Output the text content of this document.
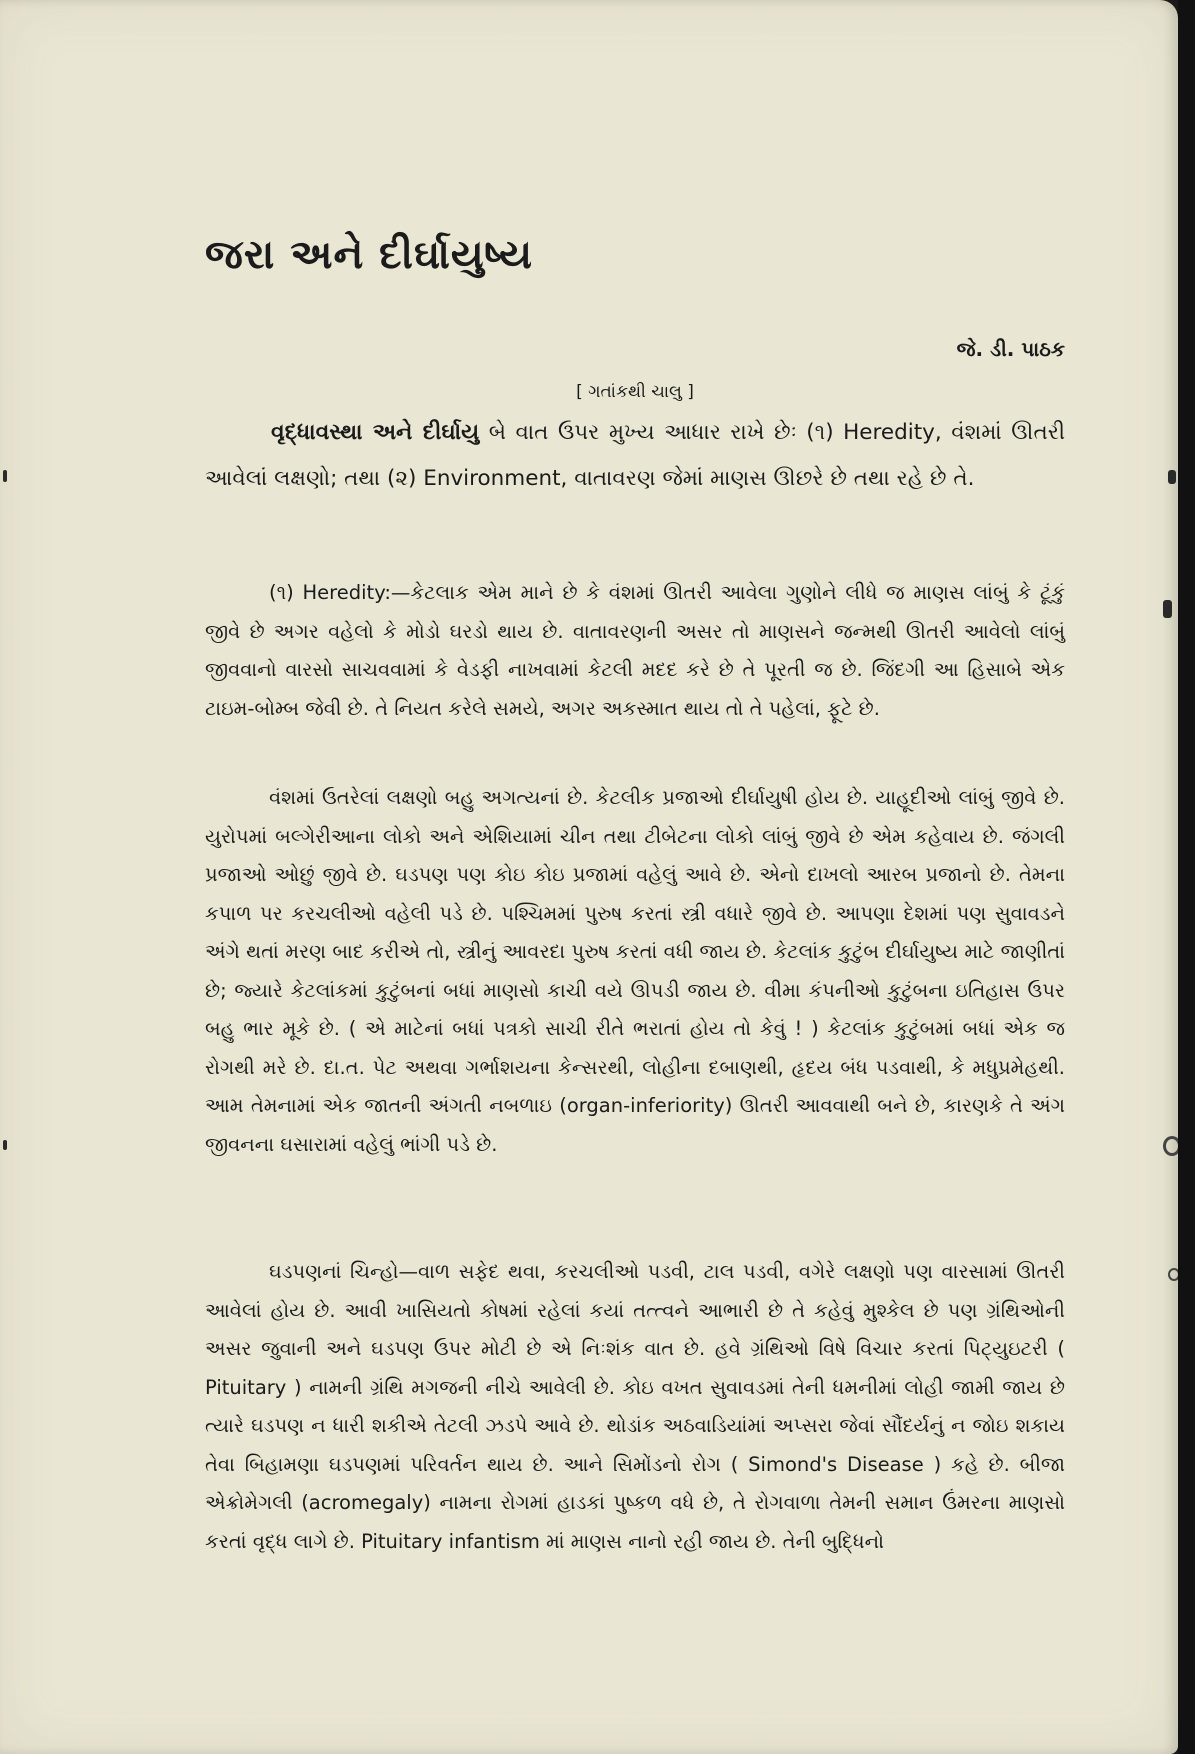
જરા અને દીર્ઘાયુષ્ય
જે. ડી. પાઠક
[ ગતાંકથી ચાલુ ]

વૃદ્ધાવસ્થા અને દીર્ઘાયુ બે વાત ઉપર મુખ્ય આધાર રાખે છેઃ (૧) Heredity, વંશમાં ઊતરી આવેલાં લક્ષણો; તથા (૨) Environment, વાતાવરણ જેમાં માણસ ઊછરે છે તથા રહે છે તે.

(૧) Heredity:—કેટલાક એમ માને છે કે વંશમાં ઊતરી આવેલા ગુણોને લીધે જ માણસ લાંબું કે ટૂંકું જીવે છે અગર વહેલો કે મોડો ઘરડો થાય છે. વાતાવરણની અસર તો માણસને જન્મથી ઊતરી આવેલો લાંબું જીવવાનો વારસો સાચવવામાં કે વેડફી નાખવામાં કેટલી મદદ કરે છે તે પૂરતી જ છે. જિંદગી આ હિસાબે એક ટાઇમ-બોમ્બ જેવી છે. તે નિયત કરેલે સમયે, અગર અકસ્માત થાય તો તે પહેલાં, ફૂટે છે.

વંશમાં ઉતરેલાં લક્ષણો બહુ અગત્યનાં છે. કેટલીક પ્રજાઓ દીર્ઘાયુષી હોય છે. યાહૂદીઓ લાંબું જીવે છે. યુરોપમાં બલ્ગેરીઆના લોકો અને એશિયામાં ચીન તથા ટીબેટના લોકો લાંબું જીવે છે એમ કહેવાય છે. જંગલી પ્રજાઓ ઓછું જીવે છે. ઘડપણ પણ કોઇ કોઇ પ્રજામાં વહેલું આવે છે. એનો દાખલો આરબ પ્રજાનો છે. તેમના કપાળ પર કરચલીઓ વહેલી પડે છે. પશ્ચિમમાં પુરુષ કરતાં સ્ત્રી વધારે જીવે છે. આપણા દેશમાં પણ સુવાવડને અંગે થતાં મરણ બાદ કરીએ તો, સ્ત્રીનું આવરદા પુરુષ કરતાં વધી જાય છે. કેટલાંક કુટુંબ દીર્ઘાયુષ્ય માટે જાણીતાં છે; જ્યારે કેટલાંકમાં કુટુંબનાં બધાં માણસો કાચી વયે ઊપડી જાય છે. વીમા કંપનીઓ કુટુંબના ઇતિહાસ ઉપર બહુ ભાર મૂકે છે. ( એ માટેનાં બધાં પત્રકો સાચી રીતે ભરાતાં હોય તો કેવું ! ) કેટલાંક કુટુંબમાં બધાં એક જ રોગથી મરે છે. દા.ત. પેટ અથવા ગર્ભાશયના કેન્સરથી, લોહીના દબાણથી, હૃદય બંધ પડવાથી, કે મધુપ્રમેહથી. આમ તેમનામાં એક જાતની અંગતી નબળાઇ (organ-inferiority) ઊતરી આવવાથી બને છે, કારણકે તે અંગ જીવનના ઘસારામાં વહેલું ભાંગી પડે છે.

ઘડપણનાં ચિન્હો—વાળ સફેદ થવા, કરચલીઓ પડવી, ટાલ પડવી, વગેરે લક્ષણો પણ વારસામાં ઊતરી આવેલાં હોય છે. આવી ખાસિયતો કોષમાં રહેલાં કયાં તત્ત્વને આભારી છે તે કહેવું મુશ્કેલ છે પણ ગ્રંથિઓની અસર જુવાની અને ઘડપણ ઉપર મોટી છે એ નિઃશંક વાત છે. હવે ગ્રંથિઓ વિષે વિચાર કરતાં પિટ્યુઇટરી ( Pituitary ) નામની ગ્રંથિ મગજની નીચે આવેલી છે. કોઇ વખત સુવાવડમાં તેની ધમનીમાં લોહી જામી જાય છે ત્યારે ઘડપણ ન ધારી શકીએ તેટલી ઝડપે આવે છે. થોડાંક અઠવાડિયાંમાં અપ્સરા જેવાં સૌંદર્યનું ન જોઇ શકાય તેવા બિહામણા ઘડપણમાં પરિવર્તન થાય છે. આને સિમોંડનો રોગ ( Simond's Disease ) કહે છે. બીજા એક્રોમેગલી (acromegaly) નામના રોગમાં હાડકાં પુષ્કળ વધે છે, તે રોગવાળા તેમની સમાન ઉંમરના માણસો કરતાં વૃદ્ધ લાગે છે. Pituitary infantism માં માણસ નાનો રહી જાય છે. તેની બુદ્ધિનો
